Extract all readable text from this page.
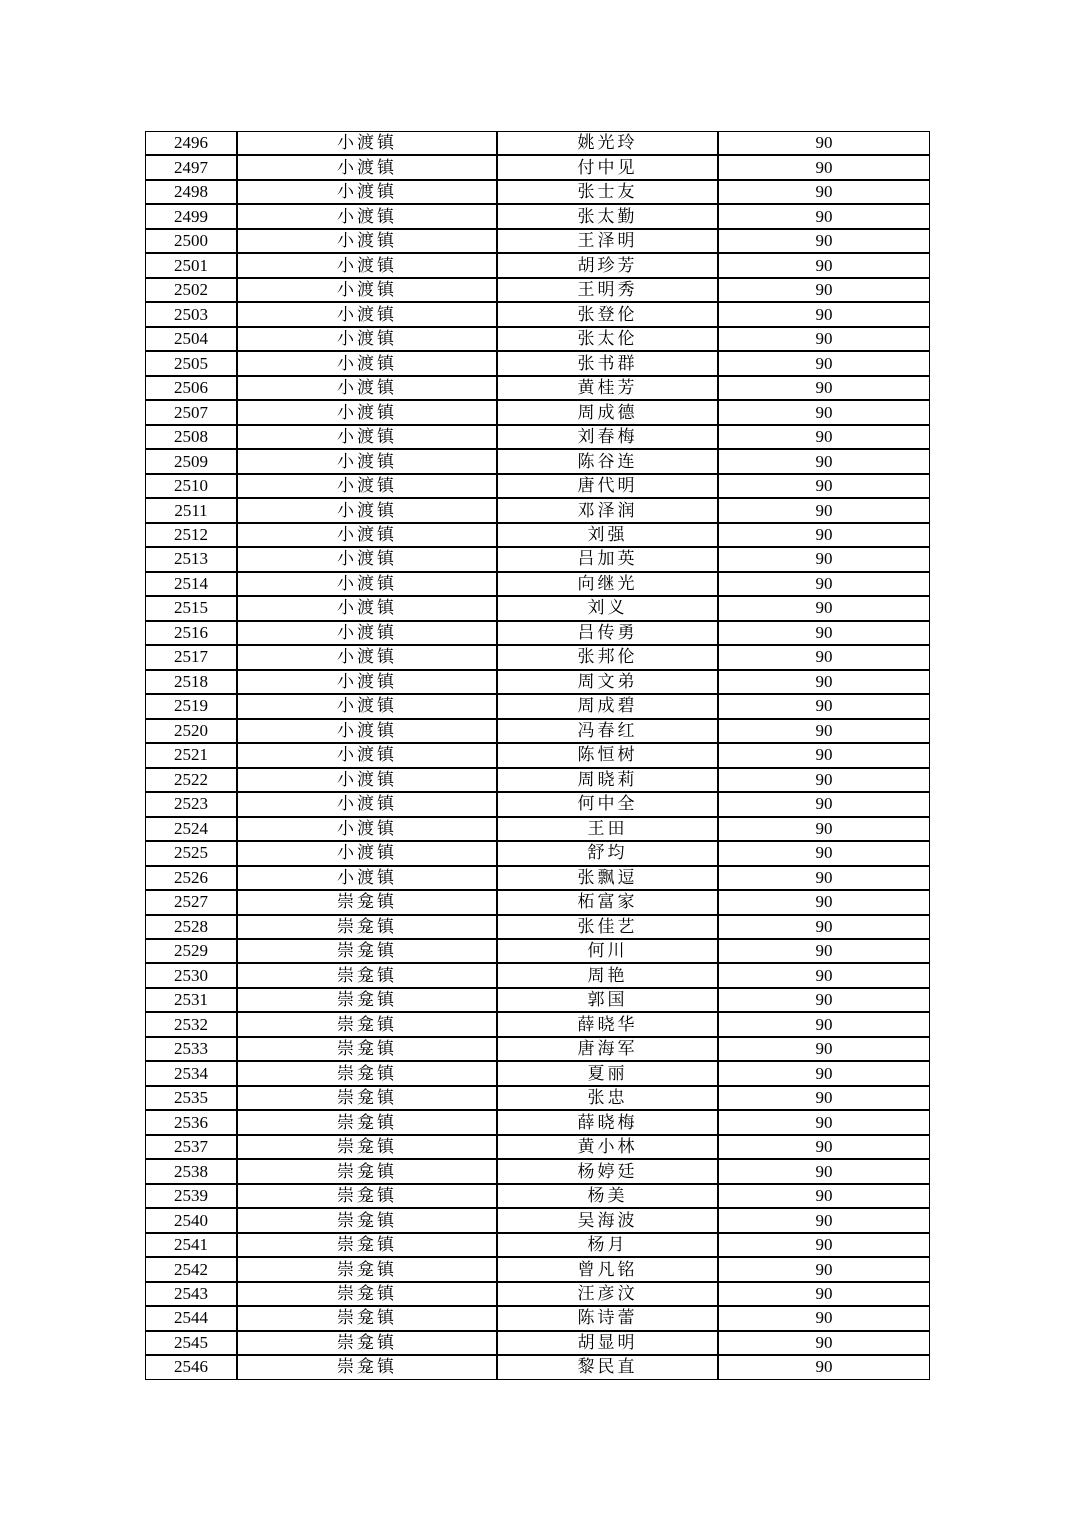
2496	小渡镇	姚光玲	90
2497	小渡镇	付中见	90
2498	小渡镇	张士友	90
2499	小渡镇	张太勤	90
2500	小渡镇	王泽明	90
2501	小渡镇	胡珍芳	90
2502	小渡镇	王明秀	90
2503	小渡镇	张登伦	90
2504	小渡镇	张太伦	90
2505	小渡镇	张书群	90
2506	小渡镇	黄桂芳	90
2507	小渡镇	周成德	90
2508	小渡镇	刘春梅	90
2509	小渡镇	陈谷连	90
2510	小渡镇	唐代明	90
2511	小渡镇	邓泽润	90
2512	小渡镇	刘强	90
2513	小渡镇	吕加英	90
2514	小渡镇	向继光	90
2515	小渡镇	刘义	90
2516	小渡镇	吕传勇	90
2517	小渡镇	张邦伦	90
2518	小渡镇	周文弟	90
2519	小渡镇	周成碧	90
2520	小渡镇	冯春红	90
2521	小渡镇	陈恒树	90
2522	小渡镇	周晓莉	90
2523	小渡镇	何中全	90
2524	小渡镇	王田	90
2525	小渡镇	舒均	90
2526	小渡镇	张飘逗	90
2527	崇龛镇	柘富家	90
2528	崇龛镇	张佳艺	90
2529	崇龛镇	何川	90
2530	崇龛镇	周艳	90
2531	崇龛镇	郭国	90
2532	崇龛镇	薛晓华	90
2533	崇龛镇	唐海军	90
2534	崇龛镇	夏丽	90
2535	崇龛镇	张忠	90
2536	崇龛镇	薛晓梅	90
2537	崇龛镇	黄小林	90
2538	崇龛镇	杨婷廷	90
2539	崇龛镇	杨美	90
2540	崇龛镇	吴海波	90
2541	崇龛镇	杨月	90
2542	崇龛镇	曾凡铭	90
2543	崇龛镇	汪彦汶	90
2544	崇龛镇	陈诗蕾	90
2545	崇龛镇	胡显明	90
2546	崇龛镇	黎民直	90
